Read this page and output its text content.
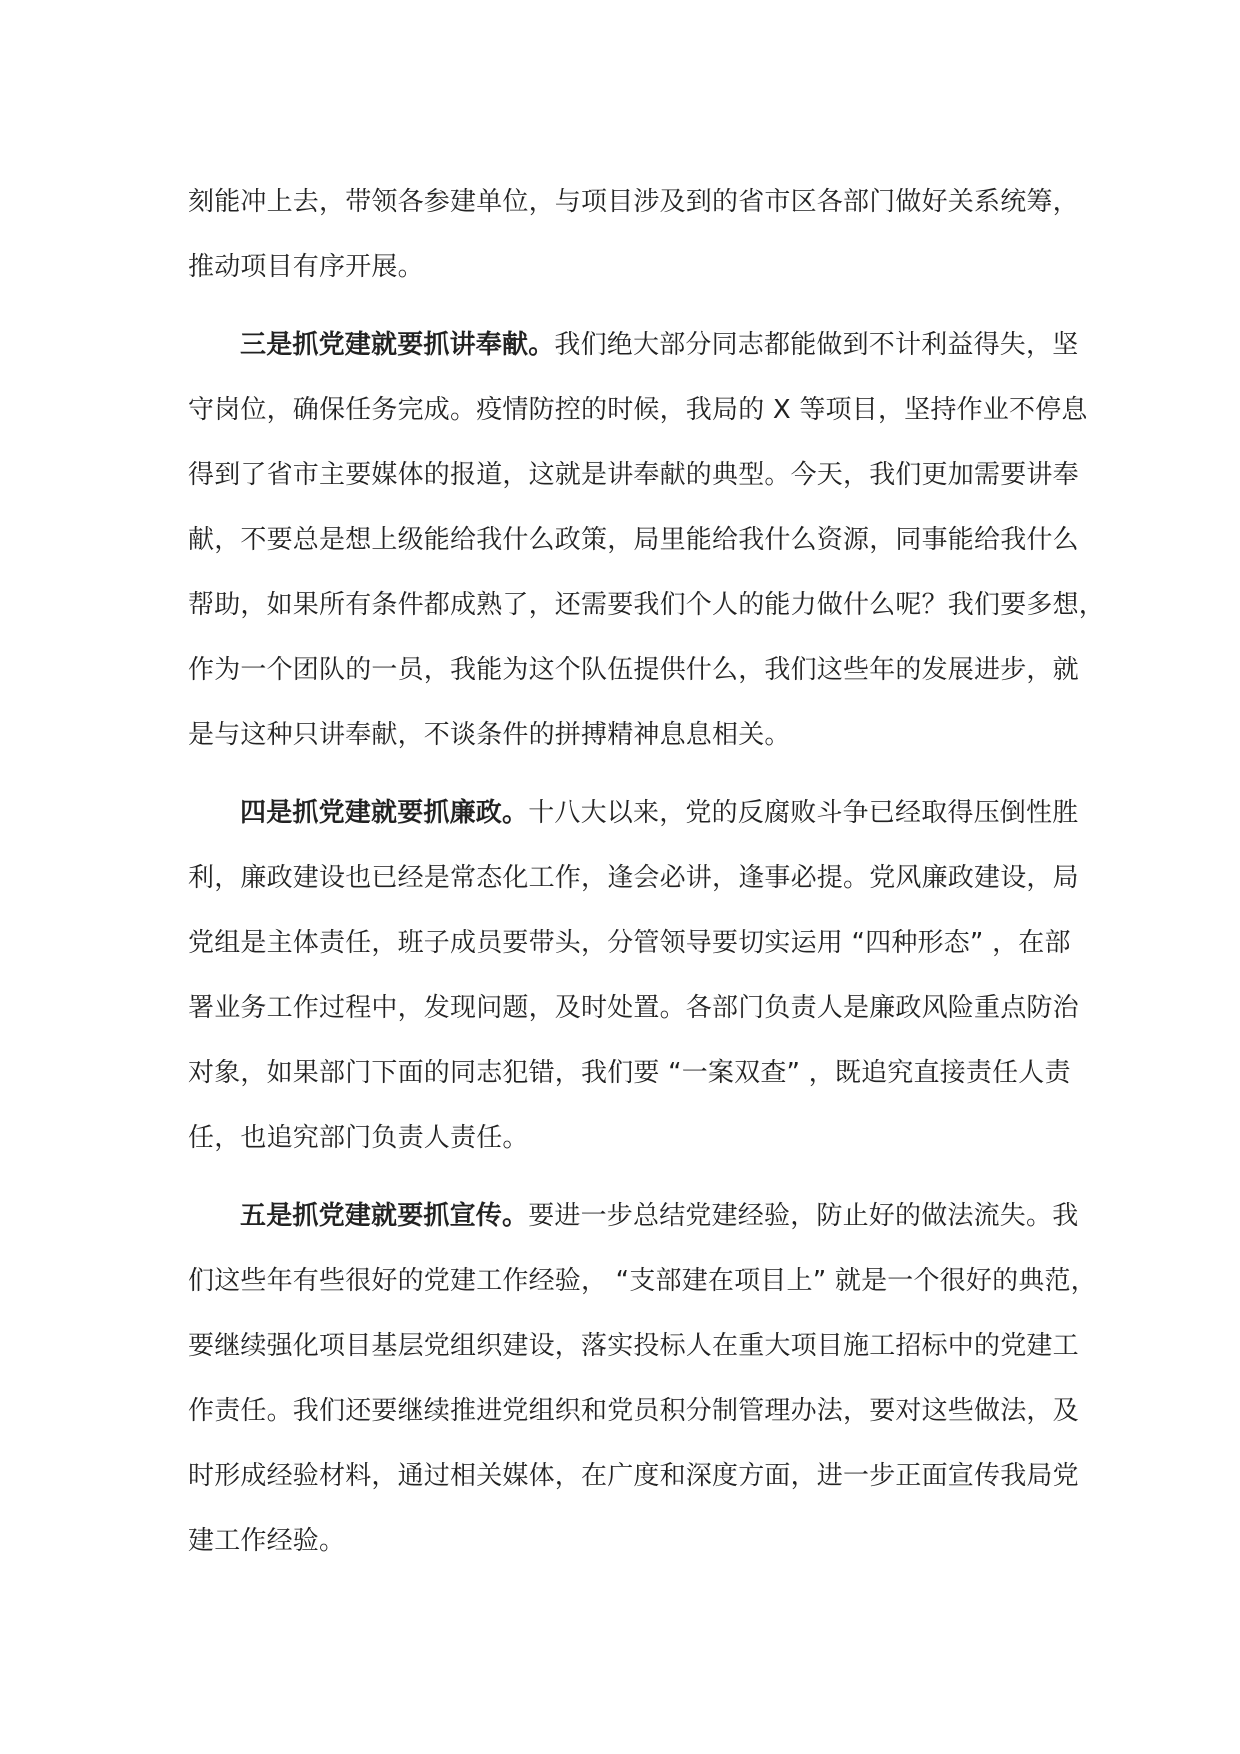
刻能冲上去，带领各参建单位，与项目涉及到的省市区各部门做好关系统筹，
推动项目有序开展。
三是抓党建就要抓讲奉献。我们绝大部分同志都能做到不计利益得失，坚
守岗位，确保任务完成。疫情防控的时候，我局的 X 等项目，坚持作业不停息
得到了省市主要媒体的报道，这就是讲奉献的典型。今天，我们更加需要讲奉
献，不要总是想上级能给我什么政策，局里能给我什么资源，同事能给我什么
帮助，如果所有条件都成熟了，还需要我们个人的能力做什么呢？我们要多想，
作为一个团队的一员，我能为这个队伍提供什么，我们这些年的发展进步，就
是与这种只讲奉献，不谈条件的拼搏精神息息相关。
四是抓党建就要抓廉政。十八大以来，党的反腐败斗争已经取得压倒性胜
利，廉政建设也已经是常态化工作，逢会必讲，逢事必提。党风廉政建设，局
党组是主体责任，班子成员要带头，分管领导要切实运用 “四种形态” ，在部
署业务工作过程中，发现问题，及时处置。各部门负责人是廉政风险重点防治
对象，如果部门下面的同志犯错，我们要 “一案双查” ，既追究直接责任人责
任，也追究部门负责人责任。
五是抓党建就要抓宣传。要进一步总结党建经验，防止好的做法流失。我
们这些年有些很好的党建工作经验， “支部建在项目上” 就是一个很好的典范，
要继续强化项目基层党组织建设，落实投标人在重大项目施工招标中的党建工
作责任。我们还要继续推进党组织和党员积分制管理办法，要对这些做法，及
时形成经验材料，通过相关媒体，在广度和深度方面，进一步正面宣传我局党
建工作经验。
